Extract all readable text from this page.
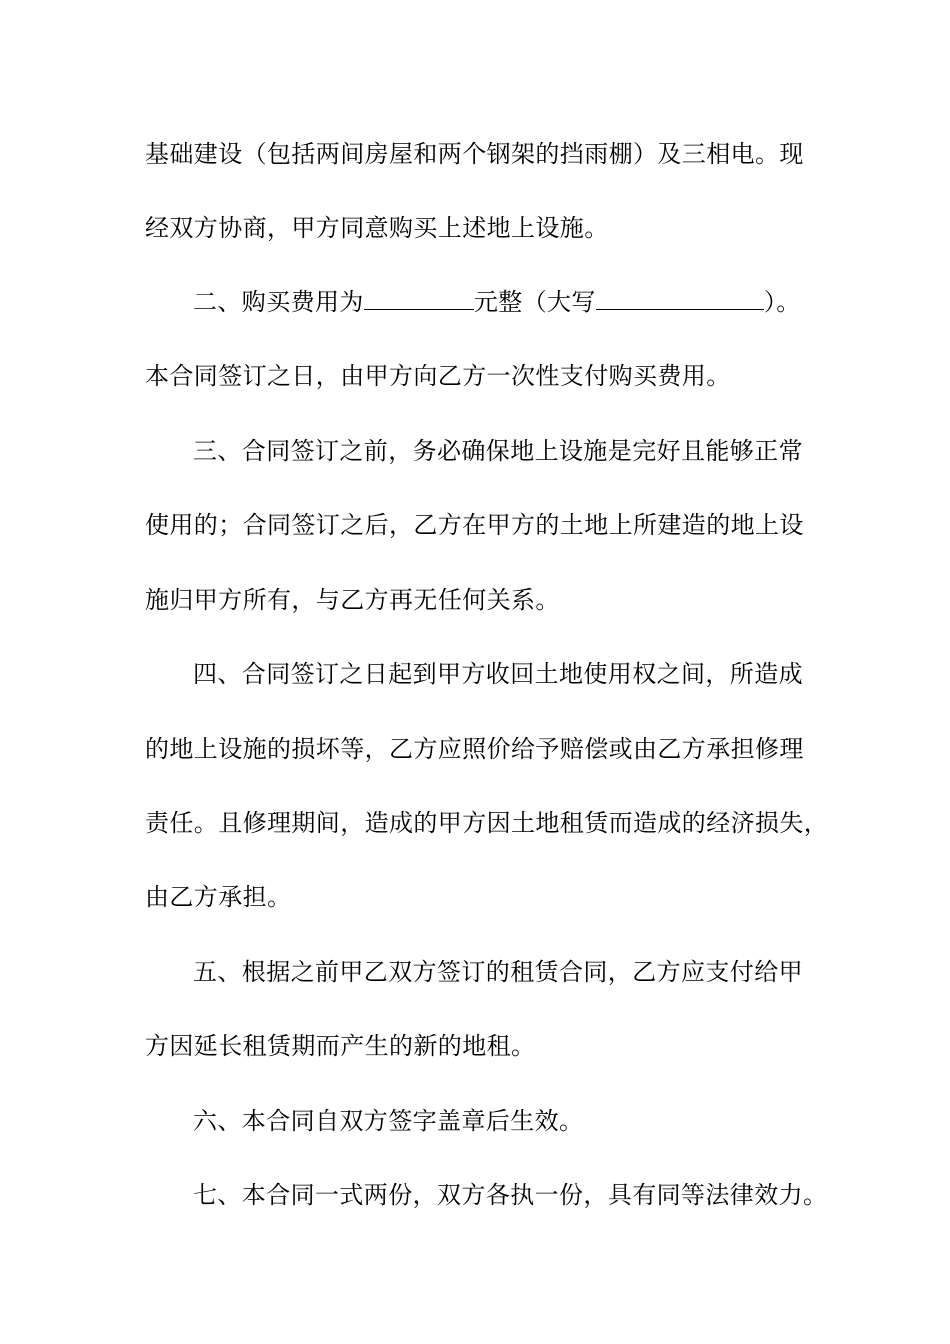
基础建设（包括两间房屋和两个钢架的挡雨棚）及三相电。现
经双方协商，甲方同意购买上述地上设施。
二、购买费用为	元整（大写	）。
本合同签订之日，由甲方向乙方一次性支付购买费用。
三、合同签订之前，务必确保地上设施是完好且能够正常
使用的；合同签订之后，乙方在甲方的土地上所建造的地上设
施归甲方所有，与乙方再无任何关系。
四、合同签订之日起到甲方收回土地使用权之间，所造成
的地上设施的损坏等，乙方应照价给予赔偿或由乙方承担修理
责任。且修理期间，造成的甲方因土地租赁而造成的经济损失，
由乙方承担。
五、根据之前甲乙双方签订的租赁合同，乙方应支付给甲
方因延长租赁期而产生的新的地租。
六、本合同自双方签字盖章后生效。
七、本合同一式两份，双方各执一份，具有同等法律效力。
